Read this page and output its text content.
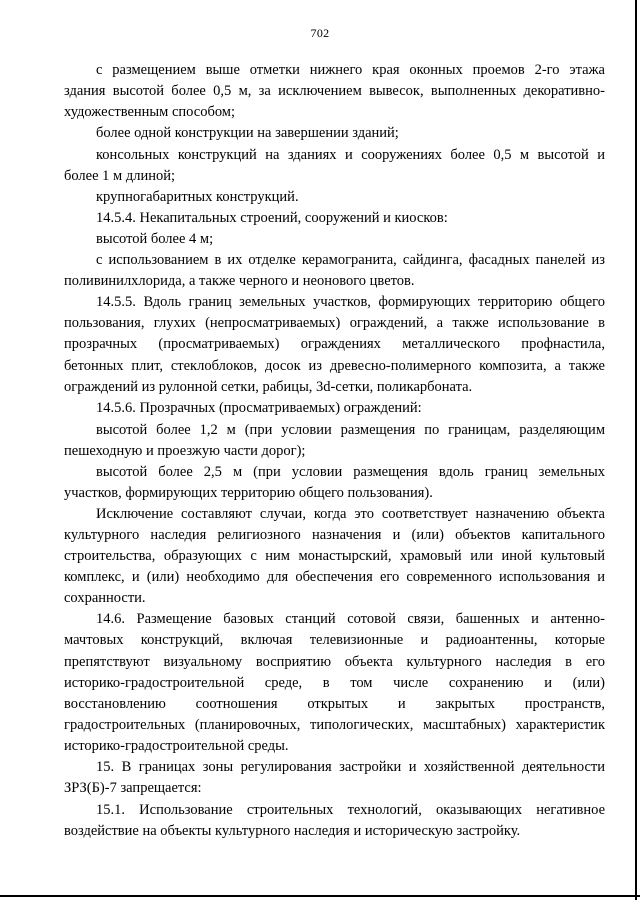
702
с размещением выше отметки нижнего края оконных проемов 2-го этажа
здания высотой более 0,5 м, за исключением вывесок, выполненных декоративно-
художественным способом;
более одной конструкции на завершении зданий;
консольных конструкций на зданиях и сооружениях более 0,5 м высотой и
более 1 м длиной;
крупногабаритных конструкций.
14.5.4. Некапитальных строений, сооружений и киосков:
высотой более 4 м;
с использованием в их отделке керамогранита, сайдинга, фасадных панелей из
поливинилхлорида, а также черного и неонового цветов.
14.5.5. Вдоль границ земельных участков, формирующих территорию общего
пользования, глухих (непросматриваемых) ограждений, а также использование в
прозрачных (просматриваемых) ограждениях металлического профнастила,
бетонных плит, стеклоблоков, досок из древесно-полимерного композита, а также
ограждений из рулонной сетки, рабицы, 3d-сетки, поликарбоната.
14.5.6. Прозрачных (просматриваемых) ограждений:
высотой более 1,2 м (при условии размещения по границам, разделяющим
пешеходную и проезжую части дорог);
высотой более 2,5 м (при условии размещения вдоль границ земельных
участков, формирующих территорию общего пользования).
Исключение составляют случаи, когда это соответствует назначению объекта
культурного наследия религиозного назначения и (или) объектов капитального
строительства, образующих с ним монастырский, храмовый или иной культовый
комплекс, и (или) необходимо для обеспечения его современного использования и
сохранности.
14.6. Размещение базовых станций сотовой связи, башенных и антенно-
мачтовых конструкций, включая телевизионные и радиоантенны, которые
препятствуют визуальному восприятию объекта культурного наследия в его
историко-градостроительной среде, в том числе сохранению и (или)
восстановлению соотношения открытых и закрытых пространств,
градостроительных (планировочных, типологических, масштабных) характеристик
историко-градостроительной среды.
15. В границах зоны регулирования застройки и хозяйственной деятельности
ЗРЗ(Б)-7 запрещается:
15.1. Использование строительных технологий, оказывающих негативное
воздействие на объекты культурного наследия и историческую застройку.
